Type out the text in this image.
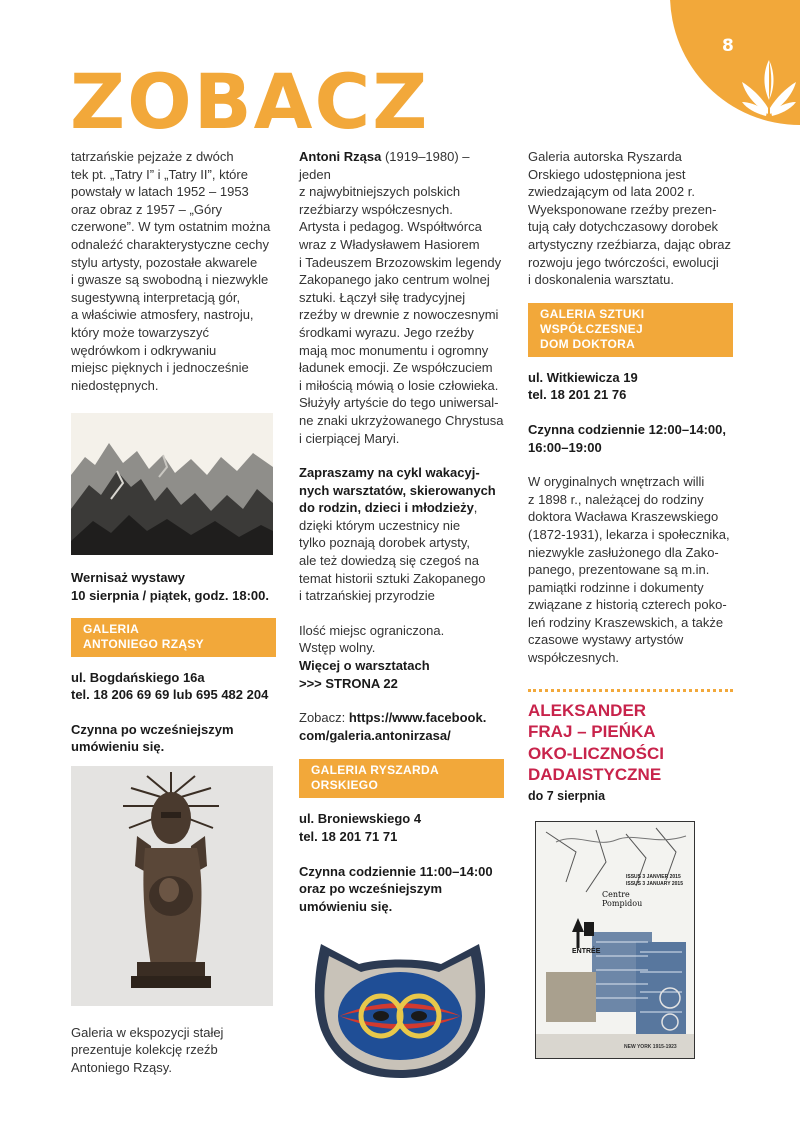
8
ZOBACZ
tatrzańskie pejzaże z dwóch
tek pt. „Tatry I” i „Tatry II”, które
powstały w latach 1952 – 1953
oraz obraz z 1957 – „Góry
czerwone”. W tym ostatnim można
odnaleźć charakterystyczne cechy
stylu artysty, pozostałe akwarele
i gwasze są swobodną i niezwykle
sugestywną interpretacją gór,
a właściwie atmosfery, nastroju,
który może towarzyszyć
wędrówkom i odkrywaniu
miejsc pięknych i jednocześnie
niedostępnych.
Wernisaż wystawy
10 sierpnia / piątek, godz. 18:00.
GALERIA
ANTONIEGO RZĄSY
ul. Bogdańskiego 16a
tel. 18 206 69 69 lub 695 482 204
Czynna po wcześniejszym
umówieniu się.
Galeria w ekspozycji stałej
prezentuje kolekcję rzeźb
Antoniego Rząsy.
Antoni Rząsa (1919–1980) – jeden
z najwybitniejszych polskich
rzeźbiarzy współczesnych.
Artysta i pedagog. Współtwórca
wraz z Władysławem Hasiorem
i Tadeuszem Brzozowskim legendy
Zakopanego jako centrum wolnej
sztuki. Łączył siłę tradycyjnej
rzeźby w drewnie z nowoczesnymi
środkami wyrazu. Jego rzeźby
mają moc monumentu i ogromny
ładunek emocji. Ze współczuciem
i miłością mówią o losie człowieka.
Służyły artyście do tego uniwersal-
ne znaki ukrzyżowanego Chrystusa
i cierpiącej Maryi.
Zapraszamy na cykl wakacyj-
nych warsztatów, skierowanych
do rodzin, dzieci i młodzieży,
dzięki którym uczestnicy nie
tylko poznają dorobek artysty,
ale też dowiedzą się czegoś na
temat historii sztuki Zakopanego
i tatrzańskiej przyrodzie
Ilość miejsc ograniczona.
Wstęp wolny.
Więcej o warsztatach
>>> STRONA 22
Zobacz: https://www.facebook.
com/galeria.antonirzasa/
GALERIA RYSZARDA
ORSKIEGO
ul. Broniewskiego 4
tel. 18 201 71 71
Czynna codziennie 11:00–14:00
oraz po wcześniejszym
umówieniu się.
Galeria autorska Ryszarda
Orskiego udostępniona jest
zwiedzającym od lata 2002 r.
Wyeksponowane rzeźby prezen-
tują cały dotychczasowy dorobek
artystyczny rzeźbiarza, dając obraz
rozwoju jego twórczości, ewolucji
i doskonalenia warsztatu.
GALERIA SZTUKI
WSPÓŁCZESNEJ
DOM DOKTORA
ul. Witkiewicza 19
tel. 18 201 21 76
Czynna codziennie 12:00–14:00,
16:00–19:00
W oryginalnych wnętrzach willi
z 1898 r., należącej do rodziny
doktora Wacława Kraszewskiego
(1872-1931), lekarza i społecznika,
niezwykle zasłużonego dla Zako-
panego, prezentowane są m.in.
pamiątki rodzinne i dokumenty
związane z historią czterech poko-
leń rodziny Kraszewskich, a także
czasowe wystawy artystów
współczesnych.
ALEKSANDER
FRAJ – PIEŃKA
OKO-LICZNOŚCI
DADAISTYCZNE
do 7 sierpnia
ISSUS 3 JANVIER 2015
ISSUS 3 JANUARY 2015
Centre
Pompidou
ENTRÉE
NEW YORK 1915-1923
